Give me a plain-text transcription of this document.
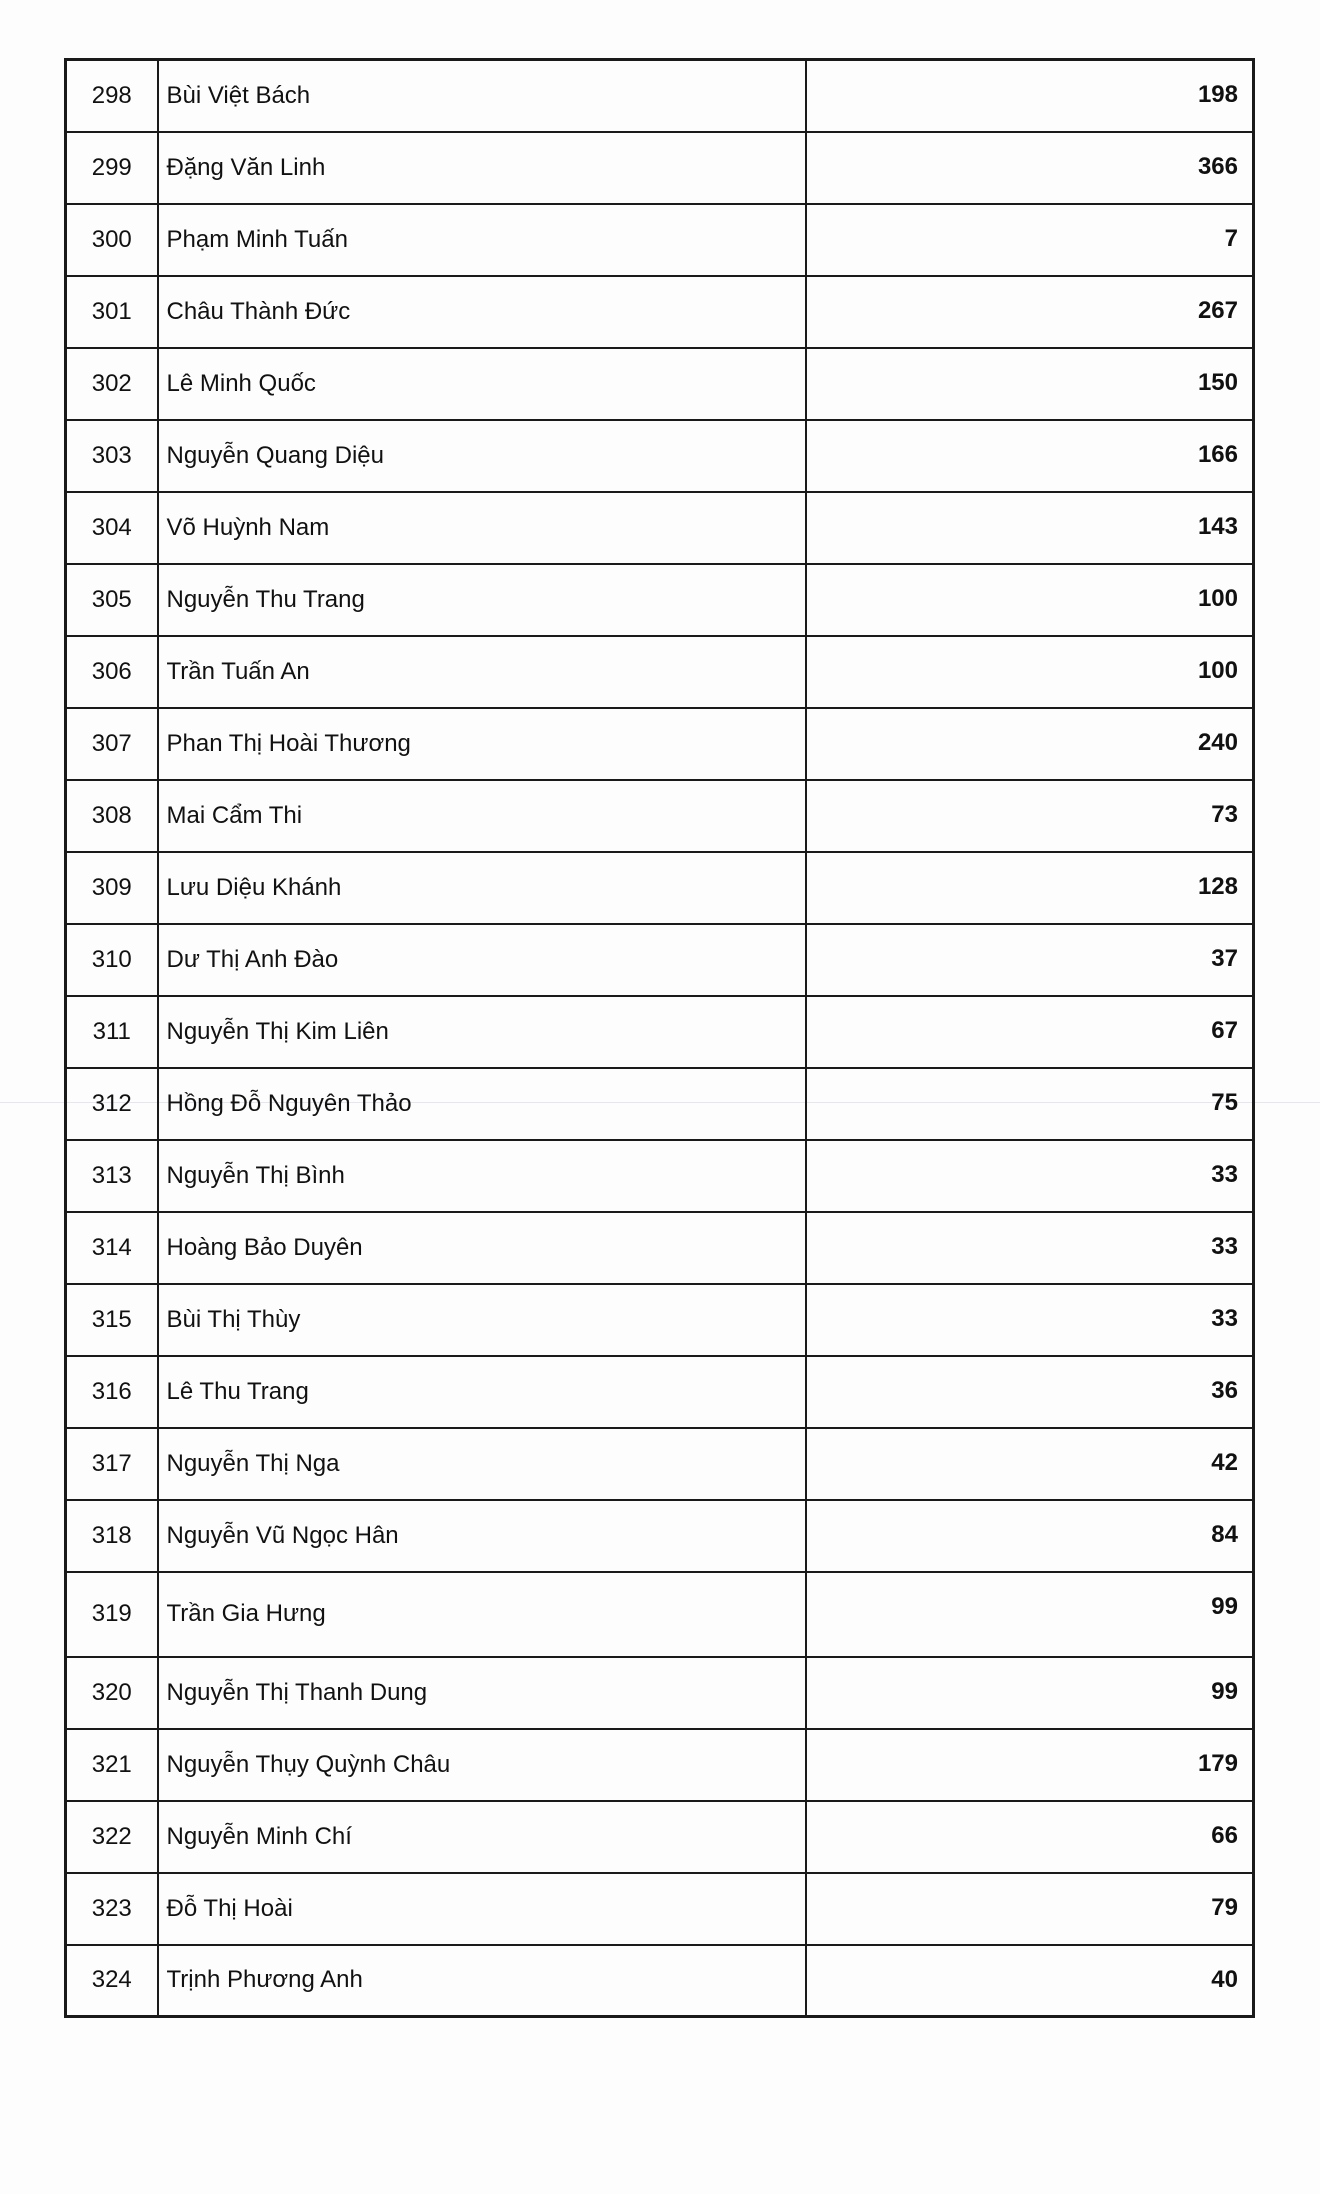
298	Bùi Việt Bách	198
299	Đặng Văn Linh	366
300	Phạm Minh Tuấn	7
301	Châu Thành Đức	267
302	Lê Minh Quốc	150
303	Nguyễn Quang Diệu	166
304	Võ Huỳnh Nam	143
305	Nguyễn Thu Trang	100
306	Trần Tuấn An	100
307	Phan Thị Hoài Thương	240
308	Mai Cẩm Thi	73
309	Lưu Diệu Khánh	128
310	Dư Thị Anh Đào	37
311	Nguyễn Thị Kim Liên	67
312	Hồng Đỗ Nguyên Thảo	75
313	Nguyễn Thị Bình	33
314	Hoàng Bảo Duyên	33
315	Bùi Thị Thùy	33
316	Lê Thu Trang	36
317	Nguyễn Thị Nga	42
318	Nguyễn Vũ Ngọc Hân	84
319	Trần Gia Hưng	99
320	Nguyễn Thị Thanh Dung	99
321	Nguyễn Thụy Quỳnh Châu	179
322	Nguyễn Minh Chí	66
323	Đỗ Thị Hoài	79
324	Trịnh Phương Anh	40
